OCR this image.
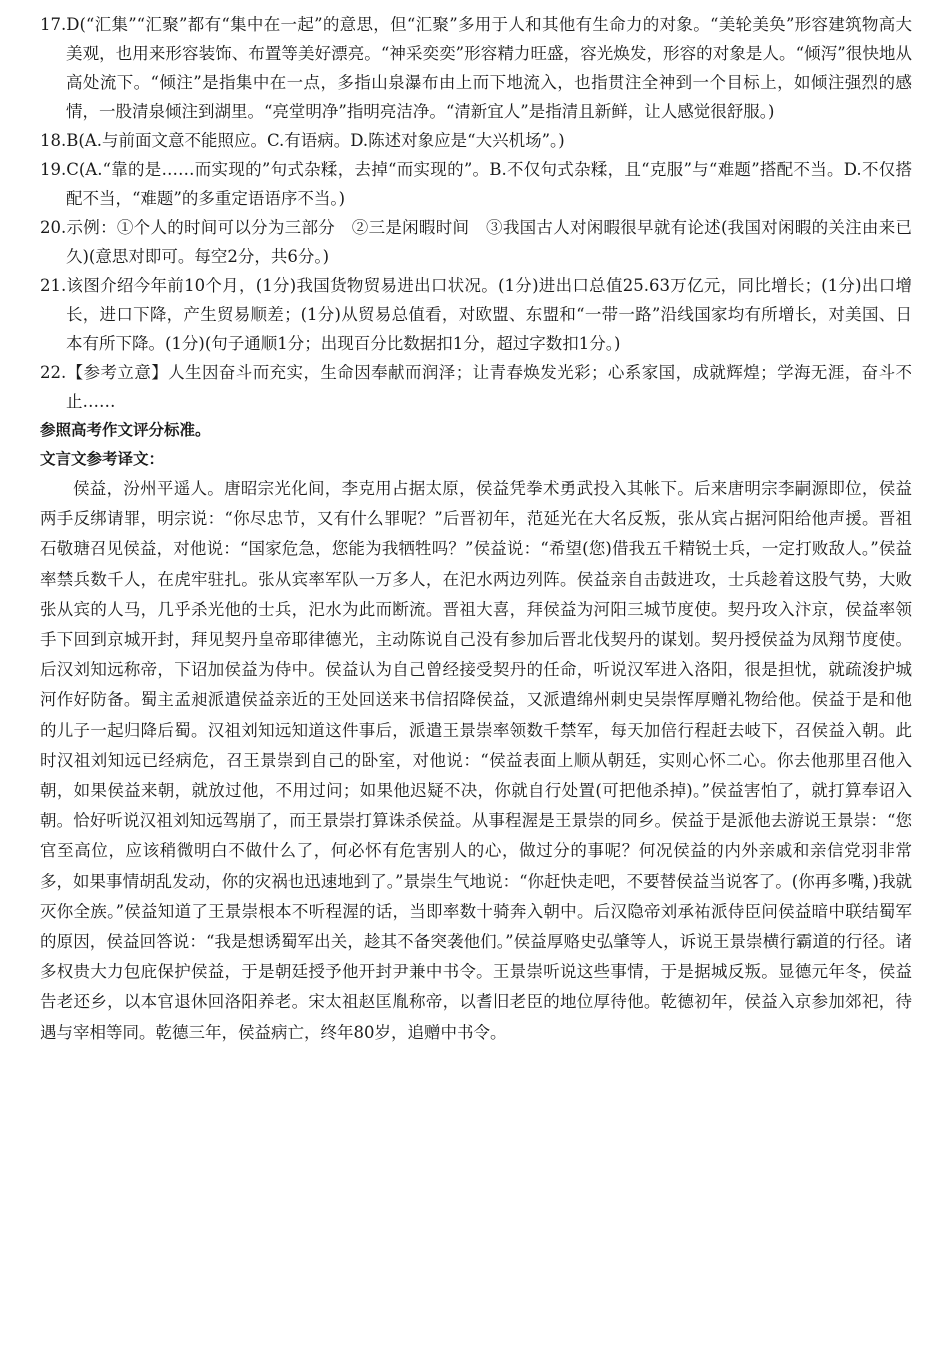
17.D(“汇集”“汇聚”都有“集中在一起”的意思，但“汇聚”多用于人和其他有生命力的对象。“美轮美奂”形容建筑物高大美观，也用来形容装饰、布置等美好漂亮。“神采奕奕”形容精力旺盛，容光焕发，形容的对象是人。“倾泻”很快地从高处流下。“倾注”是指集中在一点，多指山泉瀑布由上而下地流入，也指贯注全神到一个目标上，如倾注强烈的感情，一股清泉倾注到湖里。“亮堂明净”指明亮洁净。“清新宜人”是指清且新鲜，让人感觉很舒服。)
18.B(A.与前面文意不能照应。C.有语病。D.陈述对象应是“大兴机场”。)
19.C(A.“靠的是……而实现的”句式杂糅，去掉“而实现的”。B.不仅句式杂糅，且“克服”与“难题”搭配不当。D.不仅搭配不当，“难题”的多重定语语序不当。)
20.示例：①个人的时间可以分为三部分　②三是闲暇时间　③我国古人对闲暇很早就有论述(我国对闲暇的关注由来已久)(意思对即可。每空2分，共6分。)
21.该图介绍今年前10个月，(1分)我国货物贸易进出口状况。(1分)进出口总值25.63万亿元，同比增长；(1分)出口增长，进口下降，产生贸易顺差；(1分)从贸易总值看，对欧盟、东盟和“一带一路”沿线国家均有所增长，对美国、日本有所下降。(1分)(句子通顺1分；出现百分比数据扣1分，超过字数扣1分。)
22.【参考立意】人生因奋斗而充实，生命因奉献而润泽；让青春焕发光彩；心系家国，成就辉煌；学海无涯，奋斗不止……
参照高考作文评分标准。
文言文参考译文：

侯益，汾州平遥人。唐昭宗光化间，李克用占据太原，侯益凭拳术勇武投入其帐下。后来唐明宗李嗣源即位，侯益两手反绑请罪，明宗说：“你尽忠节，又有什么罪呢？”后晋初年，范延光在大名反叛，张从宾占据河阳给他声援。晋祖石敬瑭召见侯益，对他说：“国家危急，您能为我牺牲吗？”侯益说：“希望(您)借我五千精锐士兵，一定打败敌人。”侯益率禁兵数千人，在虎牢驻扎。张从宾率军队一万多人，在汜水两边列阵。侯益亲自击鼓进攻，士兵趁着这股气势，大败张从宾的人马，几乎杀光他的士兵，汜水为此而断流。晋祖大喜，拜侯益为河阳三城节度使。契丹攻入汴京，侯益率领手下回到京城开封，拜见契丹皇帝耶律德光，主动陈说自己没有参加后晋北伐契丹的谋划。契丹授侯益为凤翔节度使。后汉刘知远称帝，下诏加侯益为侍中。侯益认为自己曾经接受契丹的任命，听说汉军进入洛阳，很是担忧，就疏浚护城河作好防备。蜀主孟昶派遣侯益亲近的王处回送来书信招降侯益，又派遣绵州刺史吴崇恽厚赠礼物给他。侯益于是和他的儿子一起归降后蜀。汉祖刘知远知道这件事后，派遣王景崇率领数千禁军，每天加倍行程赶去岐下，召侯益入朝。此时汉祖刘知远已经病危，召王景崇到自己的卧室，对他说：“侯益表面上顺从朝廷，实则心怀二心。你去他那里召他入朝，如果侯益来朝，就放过他，不用过问；如果他迟疑不决，你就自行处置(可把他杀掉)。”侯益害怕了，就打算奉诏入朝。恰好听说汉祖刘知远驾崩了，而王景崇打算诛杀侯益。从事程渥是王景崇的同乡。侯益于是派他去游说王景崇：“您官至高位，应该稍微明白不做什么了，何必怀有危害别人的心，做过分的事呢？何况侯益的内外亲戚和亲信党羽非常多，如果事情胡乱发动，你的灾祸也迅速地到了。”景崇生气地说：“你赶快走吧，不要替侯益当说客了。(你再多嘴，)我就灭你全族。”侯益知道了王景崇根本不听程渥的话，当即率数十骑奔入朝中。后汉隐帝刘承祐派侍臣问侯益暗中联结蜀军的原因，侯益回答说：“我是想诱蜀军出关，趁其不备突袭他们。”侯益厚赂史弘肇等人，诉说王景崇横行霸道的行径。诸多权贵大力包庇保护侯益，于是朝廷授予他开封尹兼中书令。王景崇听说这些事情，于是据城反叛。显德元年冬，侯益告老还乡，以本官退休回洛阳养老。宋太祖赵匡胤称帝，以耆旧老臣的地位厚待他。乾德初年，侯益入京参加郊祀，待遇与宰相等同。乾德三年，侯益病亡，终年80岁，追赠中书令。
